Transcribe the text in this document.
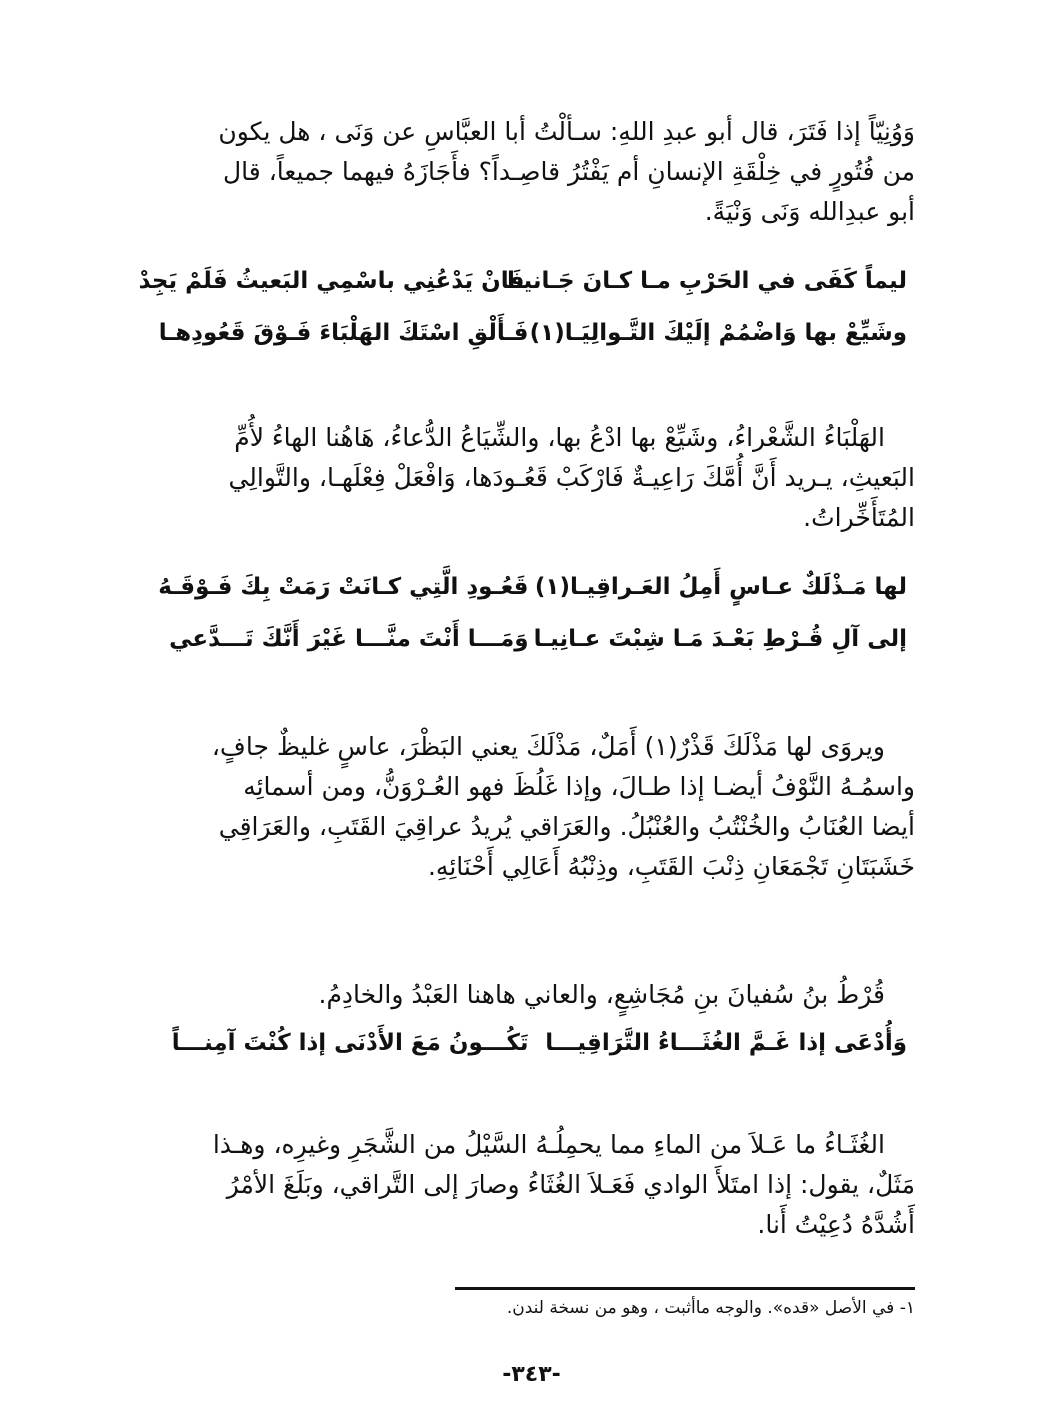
وَوُنِيّاً إذا فَتَرَ، قال أبو عبدِ اللهِ: سـألْتُ أبا العبَّاسِ عن وَنَى ، هل يكون

من فُتُورٍ في خِلْقَةِ الإنسانِ أم يَفْتُرُ قاصِـداً؟ فأَجَازَهُ فيهما جميعاً، قال

أبو عبدِالله وَنَى وَنْيَةً.

ليماً كَفَى في الحَرْبِ مـا كـانَ جَـانيـا
فَانْ يَدْعُنِي باسْمِي البَعيثُ فَلَمْ يَجِدْ
وشَيِّعْ بها وَاضْمُمْ إلَيْكَ التَّـوالِيَـا(١)
فَـأَلْقِ اسْتَكَ الهَلْبَاءَ فَـوْقَ قَعُودِهـا

الهَلْبَاءُ الشَّعْراءُ، وشَيِّعْ بها ادْعُ بها، والشِّيَاعُ الدُّعاءُ، هَاهُنا الهاءُ لأُمِّ

البَعيثِ، يـريد أَنَّ أُمَّكَ رَاعِيـةٌ فَارْكَبْ قَعُـودَها، وَافْعَلْ فِعْلَهـا، والتَّوالِي

المُتَأَخِّراتُ.

لها مَـذْلَكٌ عـاسٍ أَمِلُ العَـراقِيـا(١)
قَعُـودِ الَّتِي كـانَتْ رَمَتْ بِكَ فَـوْقَـهُ
إلى آلِ قُـرْطِ بَعْـدَ مَـا شِبْتَ عـانِيـا
وَمَـــا أَنْتَ منَّـــا غَيْرَ أَنَّكَ تَـــدَّعي

ويروَى لها مَذْلَكَ قَذْرٌ(١) أَمَلٌ، مَذْلَكَ يعني البَظْرَ، عاسٍ غليظٌ جافٍ،

واسمُـهُ النَّوْفُ أيضـا إذا طـالَ، وإذا غَلُظَ فهو العُـرْوَنُّ، ومن أسمائِه

أيضا العُنَابُ والخُنْتُبُ والعُنْبُلُ. والعَرَاقي يُريدُ عراقِيَ القَتَبِ، والعَرَاقِي

خَشَبَتَانِ تَجْمَعَانِ ذِنْبَ القَتَبِ، وذِنْبُهُ أَعَالِي أَحْنَائِهِ.

قُرْطُ بنُ سُفيانَ بنِ مُجَاشِعٍ، والعاني هاهنا العَبْدُ والخادِمُ.

وَأُدْعَى إذا غَـمَّ الغُثَـــاءُ التَّرَاقِيـــا
تَكُـــونُ مَعَ الأَدْنَى إذا كُنْتَ آمِنـــاً

الغُثَـاءُ ما عَـلاَ من الماءِ مما يحمِلُـهُ السَّيْلُ من الشَّجَرِ وغيرِه، وهـذا

مَثَلٌ، يقول: إذا امتَلأَ الوادي فَعَـلاَ الغُثَاءُ وصارَ إلى التَّراقي، وبَلَغَ الأمْرُ

أَشُدَّهُ دُعِيْتُ أَنا.

١- في الأصل «قده». والوجه ماأثبت ، وهو من نسخة لندن.
-٣٤٣-
